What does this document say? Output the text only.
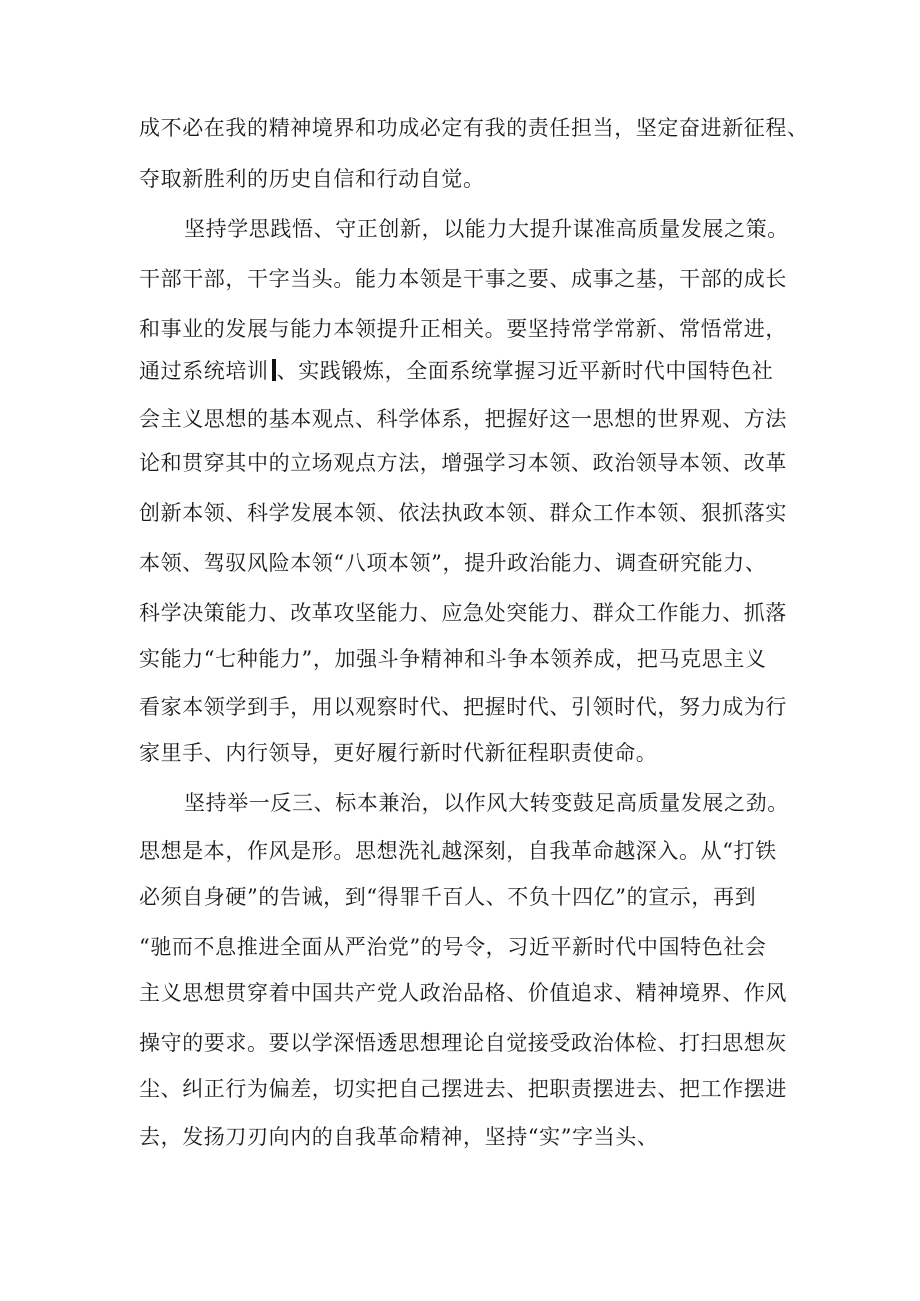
成不必在我的精神境界和功成必定有我的责任担当，坚定奋进新征程、

夺取新胜利的历史自信和行动自觉。

坚持学思践悟、守正创新，以能力大提升谋准高质量发展之策。

干部干部，干字当头。能力本领是干事之要、成事之基，干部的成长

和事业的发展与能力本领提升正相关。要坚持常学常新、常悟常进，

通过系统培训 、实践锻炼，全面系统掌握习近平新时代中国特色社

会主义思想的基本观点、科学体系，把握好这一思想的世界观、方法

论和贯穿其中的立场观点方法，增强学习本领、政治领导本领、改革

创新本领、科学发展本领、依法执政本领、群众工作本领、狠抓落实

本领、驾驭风险本领“八项本领”，提升政治能力、调查研究能力、

科学决策能力、改革攻坚能力、应急处突能力、群众工作能力、抓落

实能力“七种能力”，加强斗争精神和斗争本领养成，把马克思主义

看家本领学到手，用以观察时代、把握时代、引领时代，努力成为行

家里手、内行领导，更好履行新时代新征程职责使命。

坚持举一反三、标本兼治，以作风大转变鼓足高质量发展之劲。

思想是本，作风是形。思想洗礼越深刻，自我革命越深入。从“打铁

必须自身硬”的告诫，到“得罪千百人、不负十四亿”的宣示，再到

“驰而不息推进全面从严治党”的号令，习近平新时代中国特色社会

主义思想贯穿着中国共产党人政治品格、价值追求、精神境界、作风

操守的要求。要以学深悟透思想理论自觉接受政治体检、打扫思想灰

尘、纠正行为偏差，切实把自己摆进去、把职责摆进去、把工作摆进

去，发扬刀刃向内的自我革命精神，坚持“实”字当头、
